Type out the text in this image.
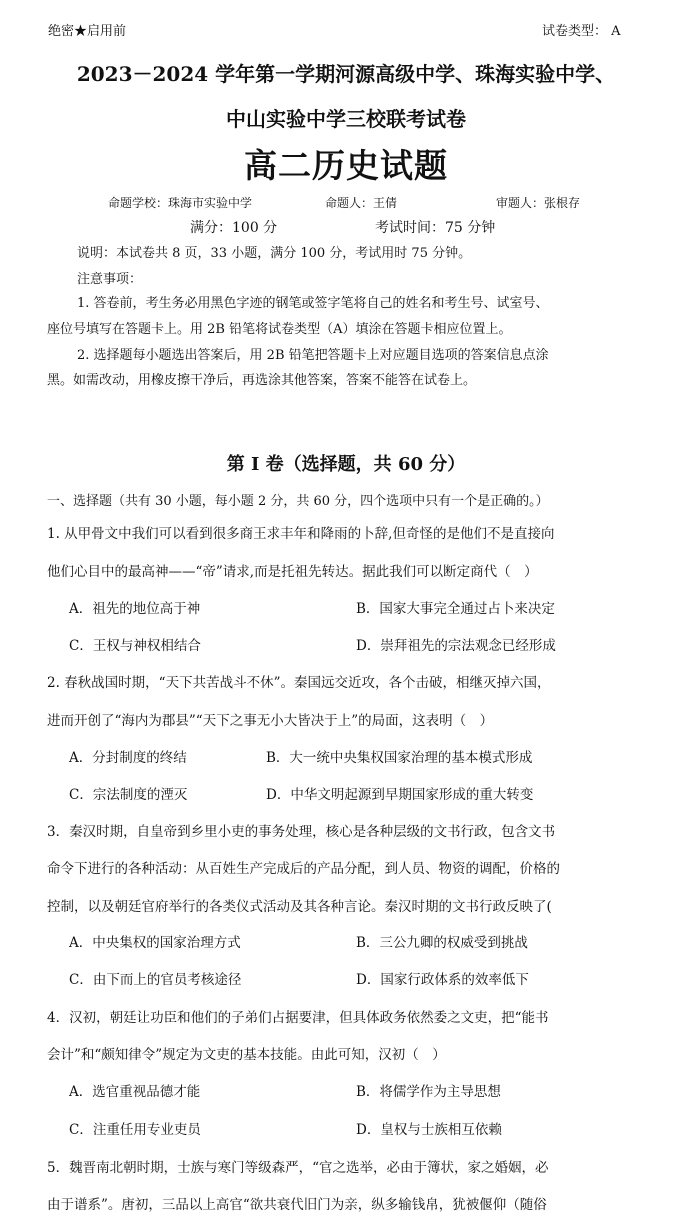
绝密★启用前	试卷类型： A
2023－2024 学年第一学期河源高级中学、珠海实验中学、
中山实验中学三校联考试卷
高二历史试题
命题学校：珠海市实验中学	命题人：王倩	审题人：张根存
满分：100 分	考试时间：75 分钟
说明：本试卷共 8 页，33 小题，满分 100 分，考试用时 75 分钟。
注意事项：
1. 答卷前，考生务必用黑色字迹的钢笔或签字笔将自己的姓名和考生号、试室号、
座位号填写在答题卡上。用 2B 铅笔将试卷类型（A）填涂在答题卡相应位置上。
2. 选择题每小题选出答案后，用 2B 铅笔把答题卡上对应题目选项的答案信息点涂
黑。如需改动，用橡皮擦干净后，再选涂其他答案，答案不能答在试卷上。
第 I 卷（选择题，共 60 分）
一、选择题（共有 30 小题，每小题 2 分，共 60 分，四个选项中只有一个是正确的。）
1. 从甲骨文中我们可以看到很多商王求丰年和降雨的卜辞,但奇怪的是他们不是直接向
他们心目中的最高神——“帝”请求,而是托祖先转达。据此我们可以断定商代（　）
A．祖先的地位高于神	B．国家大事完全通过占卜来决定
C．王权与神权相结合	D．崇拜祖先的宗法观念已经形成
2. 春秋战国时期，“天下共苦战斗不休”。秦国远交近攻，各个击破，相继灭掉六国，
进而开创了“海内为郡县”“天下之事无小大皆决于上”的局面，这表明（　）
A．分封制度的终结	B．大一统中央集权国家治理的基本模式形成
C．宗法制度的湮灭	D．中华文明起源到早期国家形成的重大转变
3．秦汉时期，自皇帝到乡里小吏的事务处理，核心是各种层级的文书行政，包含文书
命令下进行的各种活动：从百姓生产完成后的产品分配，到人员、物资的调配，价格的
控制，以及朝廷官府举行的各类仪式活动及其各种言论。秦汉时期的文书行政反映了(
A．中央集权的国家治理方式	B．三公九卿的权威受到挑战
C．由下而上的官员考核途径	D．国家行政体系的效率低下
4．汉初，朝廷让功臣和他们的子弟们占据要津，但具体政务依然委之文吏，把“能书
会计”和“颇知律令”规定为文吏的基本技能。由此可知，汉初（　）
A．选官重视品德才能	B．将儒学作为主导思想
C．注重任用专业吏员	D．皇权与士族相互依赖
5．魏晋南北朝时期，士族与寒门等级森严，“官之选举，必由于簿状，家之婚姻，必
由于谱系”。唐初，三品以上高官“欲共衰代旧门为亲，纵多输钱帛，犹被偃仰（随俗
